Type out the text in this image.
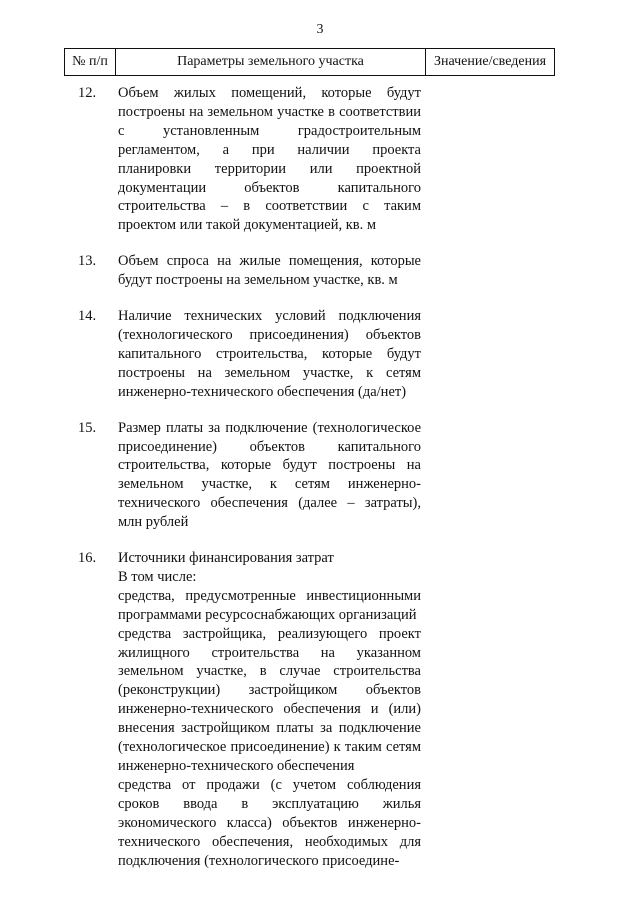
3
№ п/п	Параметры земельного участка	Значение/сведения
12.	Объем жилых помещений, которые будут построены на земельном участке в соответствии с установленным градостроительным регламентом, а при наличии проекта планировки территории или проектной документации объектов капитального строительства – в соответствии с таким проектом или такой документацией, кв. м

13.	Объем спроса на жилые помещения, которые будут построены на земельном участке, кв. м

14.	Наличие технических условий подключения (технологического присоединения) объектов капитального строительства, которые будут построены на земельном участке, к сетям инженерно-технического обеспечения (да/нет)

15.	Размер платы за подключение (технологическое присоединение) объектов капитального строительства, которые будут построены на земельном участке, к сетям инженерно-технического обеспечения (далее – затраты), млн рублей

16.	Источники финансирования затрат

В том числе:

средства, предусмотренные инвестиционными программами ресурсоснабжающих организаций

средства застройщика, реализующего проект жилищного строительства на указанном земельном участке, в случае строительства (реконструкции) застройщиком объектов инженерно-технического обеспечения и (или) внесения застройщиком платы за подключение (технологическое присоединение) к таким сетям инженерно-технического обеспечения

средства от продажи (с учетом соблюдения сроков ввода в эксплуатацию жилья экономического класса) объектов инженерно-технического обеспечения, необходимых для подключения (технологического присоедине-
